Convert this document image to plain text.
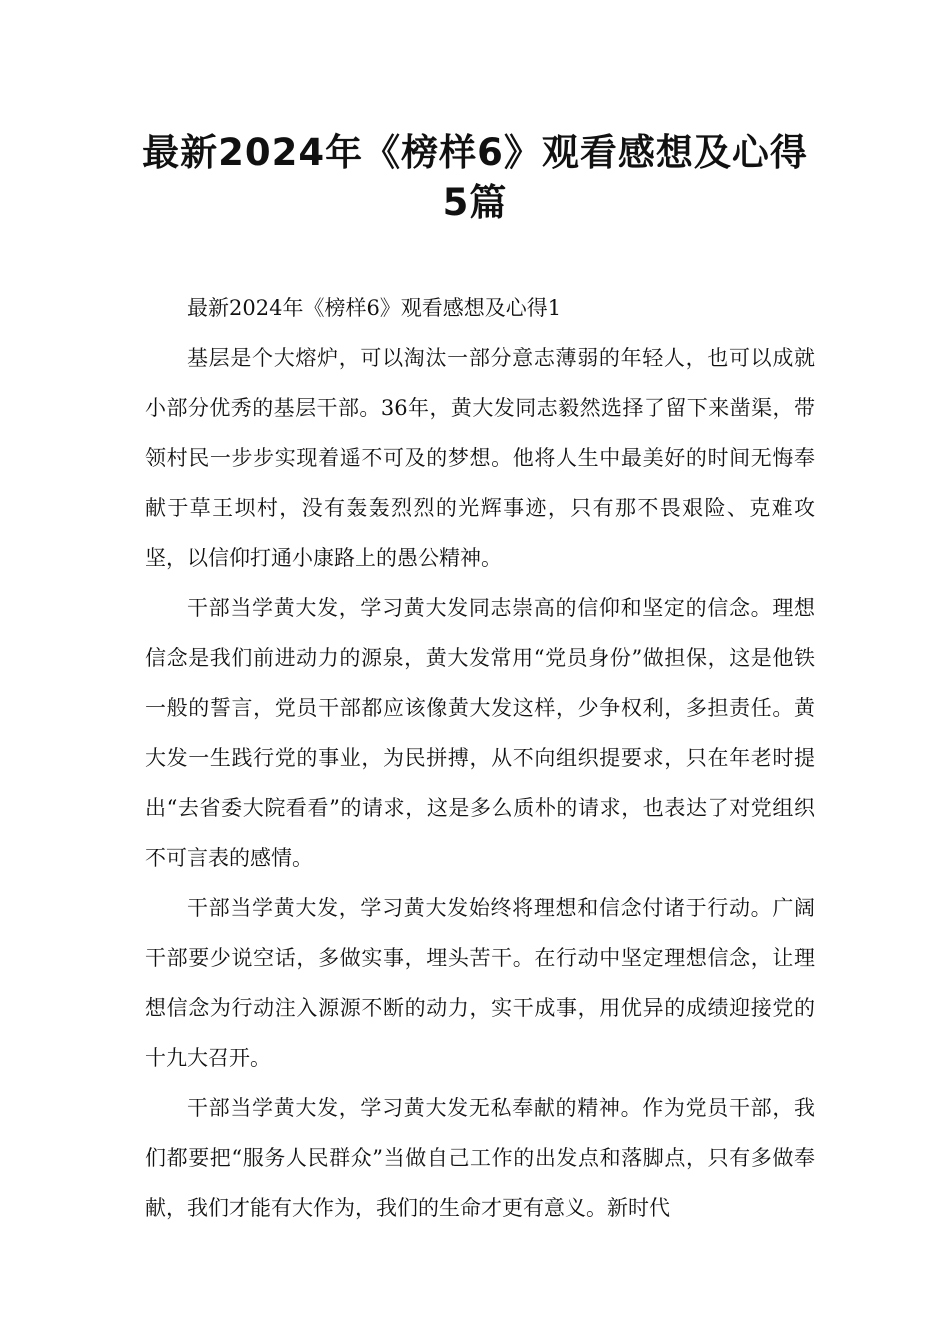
最新2024年《榜样6》观看感想及心得
5篇

最新2024年《榜样6》观看感想及心得1

基层是个大熔炉，可以淘汰一部分意志薄弱的年轻人，也可以成就小部分优秀的基层干部。36年，黄大发同志毅然选择了留下来凿渠，带领村民一步步实现着遥不可及的梦想。他将人生中最美好的时间无悔奉献于草王坝村，没有轰轰烈烈的光辉事迹，只有那不畏艰险、克难攻坚，以信仰打通小康路上的愚公精神。

干部当学黄大发，学习黄大发同志崇高的信仰和坚定的信念。理想信念是我们前进动力的源泉，黄大发常用“党员身份”做担保，这是他铁一般的誓言，党员干部都应该像黄大发这样，少争权利，多担责任。黄大发一生践行党的事业，为民拼搏，从不向组织提要求，只在年老时提出“去省委大院看看”的请求，这是多么质朴的请求，也表达了对党组织不可言表的感情。

干部当学黄大发，学习黄大发始终将理想和信念付诸于行动。广阔干部要少说空话，多做实事，埋头苦干。在行动中坚定理想信念，让理想信念为行动注入源源不断的动力，实干成事，用优异的成绩迎接党的十九大召开。

干部当学黄大发，学习黄大发无私奉献的精神。作为党员干部，我们都要把“服务人民群众”当做自己工作的出发点和落脚点，只有多做奉献，我们才能有大作为，我们的生命才更有意义。新时代
